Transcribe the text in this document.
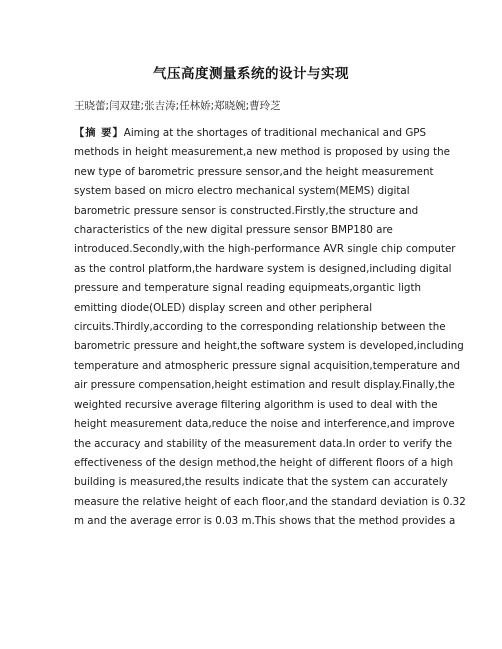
气压高度测量系统的设计与实现
王晓蕾;闫双建;张吉涛;任林娇;郑晓婉;曹玲芝
【摘 要】Aiming at the shortages of traditional mechanical and GPS
methods in height measurement,a new method is proposed by using the
new type of barometric pressure sensor,and the height measurement
system based on micro electro mechanical system(MEMS) digital
barometric pressure sensor is constructed.Firstly,the structure and
characteristics of the new digital pressure sensor BMP180 are
introduced.Secondly,with the high-performance AVR single chip computer
as the control platform,the hardware system is designed,including digital
pressure and temperature signal reading equipmeats,organtic ligth
emitting diode(OLED) display screen and other peripheral
circuits.Thirdly,according to the corresponding relationship between the
barometric pressure and height,the software system is developed,including
temperature and atmospheric pressure signal acquisition,temperature and
air pressure compensation,height estimation and result display.Finally,the
weighted recursive average filtering algorithm is used to deal with the
height measurement data,reduce the noise and interference,and improve
the accuracy and stability of the measurement data.In order to verify the
effectiveness of the design method,the height of different floors of a high
building is measured,the results indicate that the system can accurately
measure the relative height of each floor,and the standard deviation is 0.32
m and the average error is 0.03 m.This shows that the method provides a
